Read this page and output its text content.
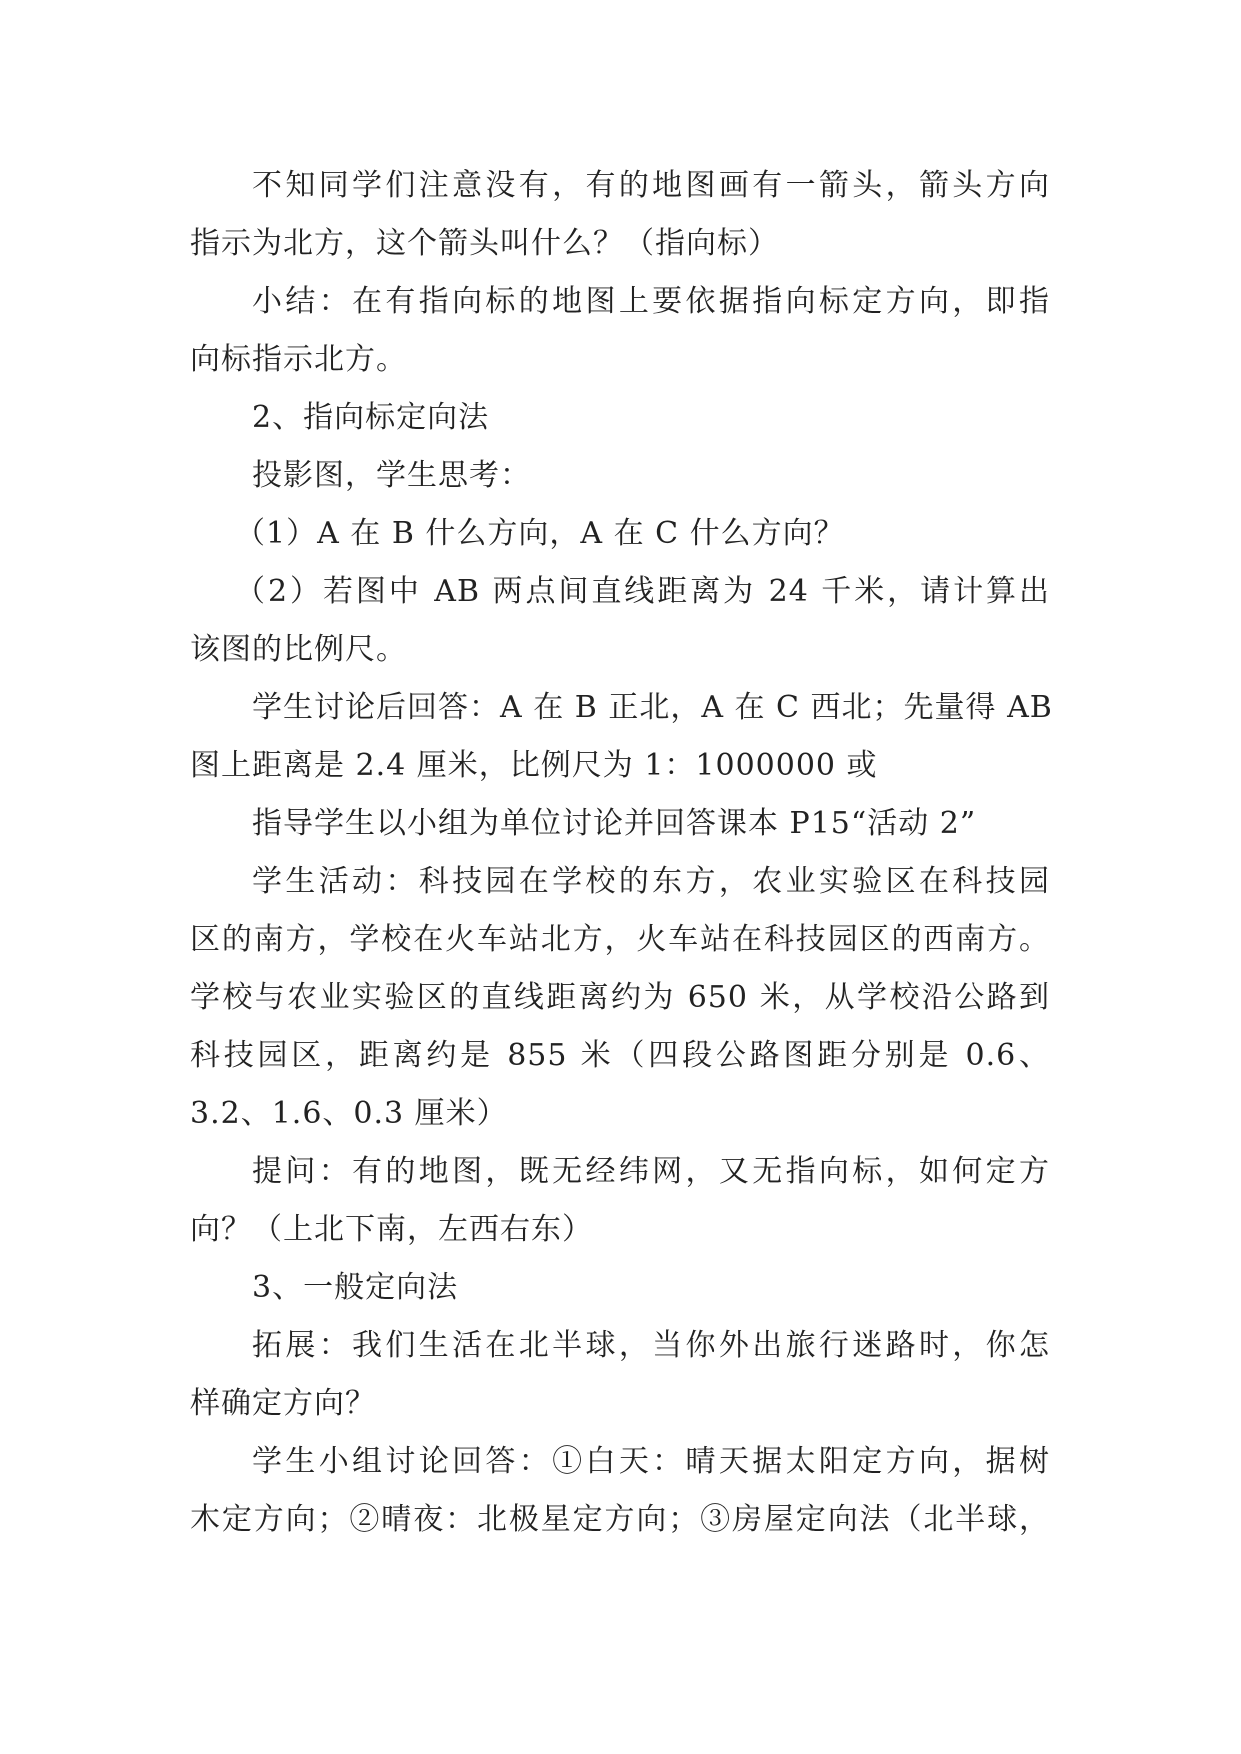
不知同学们注意没有，有的地图画有一箭头，箭头方向
指示为北方，这个箭头叫什么？（指向标）
小结：在有指向标的地图上要依据指向标定方向，即指
向标指示北方。
2、指向标定向法
投影图，学生思考：
（1）A 在 B 什么方向，A 在 C 什么方向？
（2）若图中 AB 两点间直线距离为 24 千米，请计算出
该图的比例尺。
学生讨论后回答：A 在 B 正北，A 在 C 西北；先量得 AB
图上距离是 2.4 厘米，比例尺为 1：1000000 或
指导学生以小组为单位讨论并回答课本 P15“活动 2”
学生活动：科技园在学校的东方，农业实验区在科技园
区的南方，学校在火车站北方，火车站在科技园区的西南方。
学校与农业实验区的直线距离约为 650 米，从学校沿公路到
科技园区，距离约是 855 米（四段公路图距分别是 0.6、
3.2、1.6、0.3 厘米）
提问：有的地图，既无经纬网，又无指向标，如何定方
向？（上北下南，左西右东）
3、一般定向法
拓展：我们生活在北半球，当你外出旅行迷路时，你怎
样确定方向？
学生小组讨论回答：①白天：晴天据太阳定方向，据树
木定方向；②晴夜：北极星定方向；③房屋定向法（北半球，
